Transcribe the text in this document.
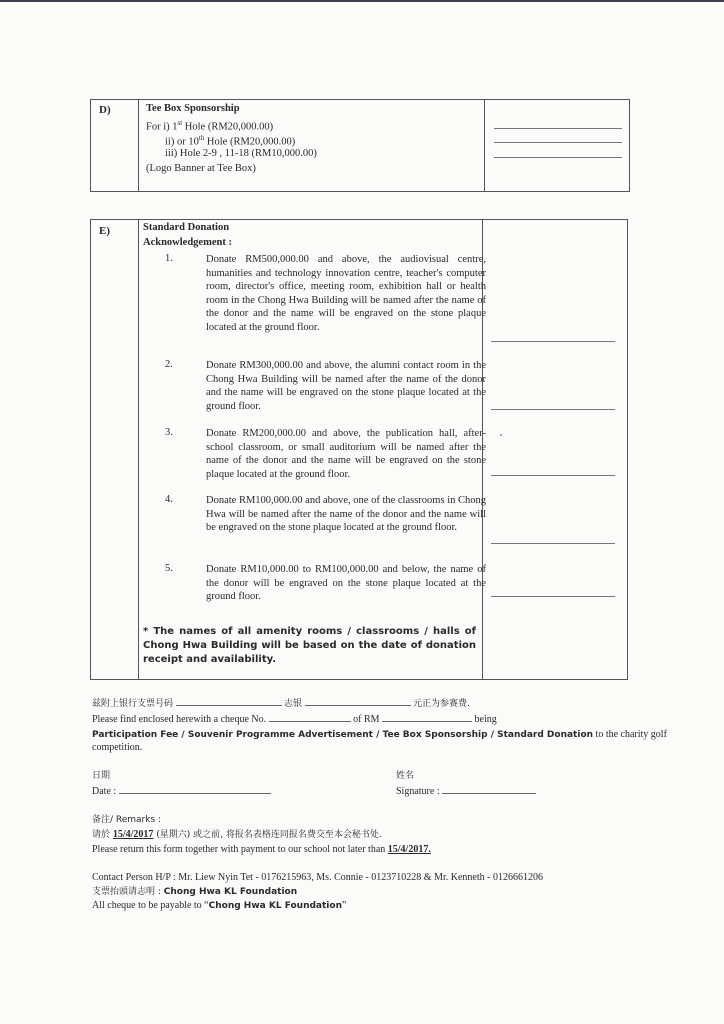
D)	Tee Box Sponsorship
For i) 1st Hole (RM20,000.00)
ii) or 10th Hole (RM20,000.00)
iii) Hole 2-9 , 11-18 (RM10,000.00)
(Logo Banner at Tee Box)
E)	Standard Donation
Acknowledgement :
1.	Donate RM500,000.00 and above, the audiovisual centre, humanities and technology innovation centre, teacher's computer room, director's office, meeting room, exhibition hall or health room in the Chong Hwa Building will be named after the name of the donor and the name will be engraved on the stone plaque located at the ground floor.
2.	Donate RM300,000.00 and above, the alumni contact room in the Chong Hwa Building will be named after the name of the donor and the name will be engraved on the stone plaque located at the ground floor.
3.	Donate RM200,000.00 and above, the publication hall, after-school classroom, or small auditorium will be named after the name of the donor and the name will be engraved on the stone plaque located at the ground floor.
4.	Donate RM100,000.00 and above, one of the classrooms in Chong Hwa will be named after the name of the donor and the name will be engraved on the stone plaque located at the ground floor.
5.	Donate RM10,000.00 to RM100,000.00 and below, the name of the donor will be engraved on the stone plaque located at the ground floor.
* The names of all amenity rooms / classrooms / halls of Chong Hwa Building will be based on the date of donation receipt and availability.
兹附上银行支票号码	志银	元正为参赛费.
Please find enclosed herewith a cheque No.	of RM	being
Participation Fee / Souvenir Programme Advertisement / Tee Box Sponsorship / Standard Donation to the charity golf
competition.
日期
Date :
姓名
Signature :
备注/ Remarks :
请於 15/4/2017 (星期六) 或之前, 将报名表格连同报名费交至本会秘书处.
Please return this form together with payment to our school not later than 15/4/2017.
Contact Person H/P : Mr. Liew Nyin Tet - 0176215963, Ms. Connie - 0123710228 & Mr. Kenneth - 0126661206
支票抬頭请志明 : Chong Hwa KL Foundation
All cheque to be payable to “Chong Hwa KL Foundation”
